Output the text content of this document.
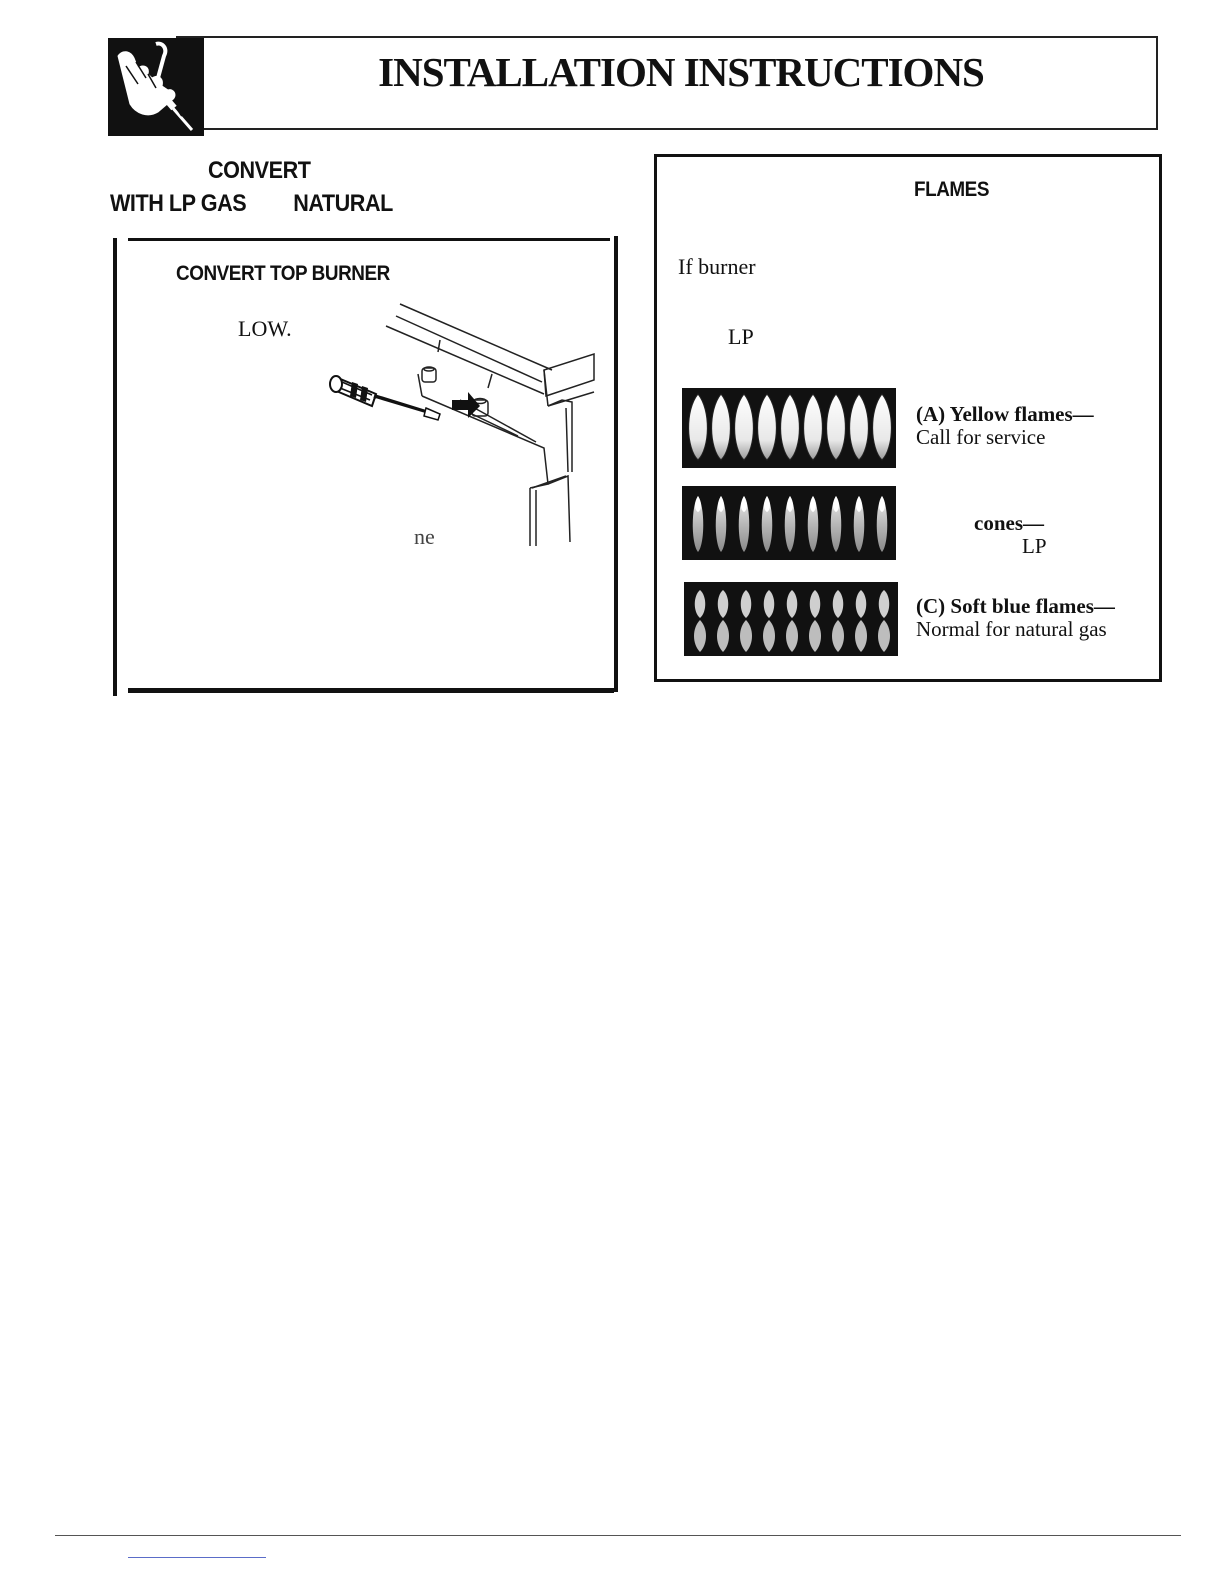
INSTALLATION INSTRUCTIONS
CONVERT
WITH LP GAS NATURAL
CONVERT TOP BURNER
LOW.
ne
FLAMES
If burner
LP
(A) Yellow flames—
Call for service
cones—
LP
(C) Soft blue flames—
Normal for natural gas
